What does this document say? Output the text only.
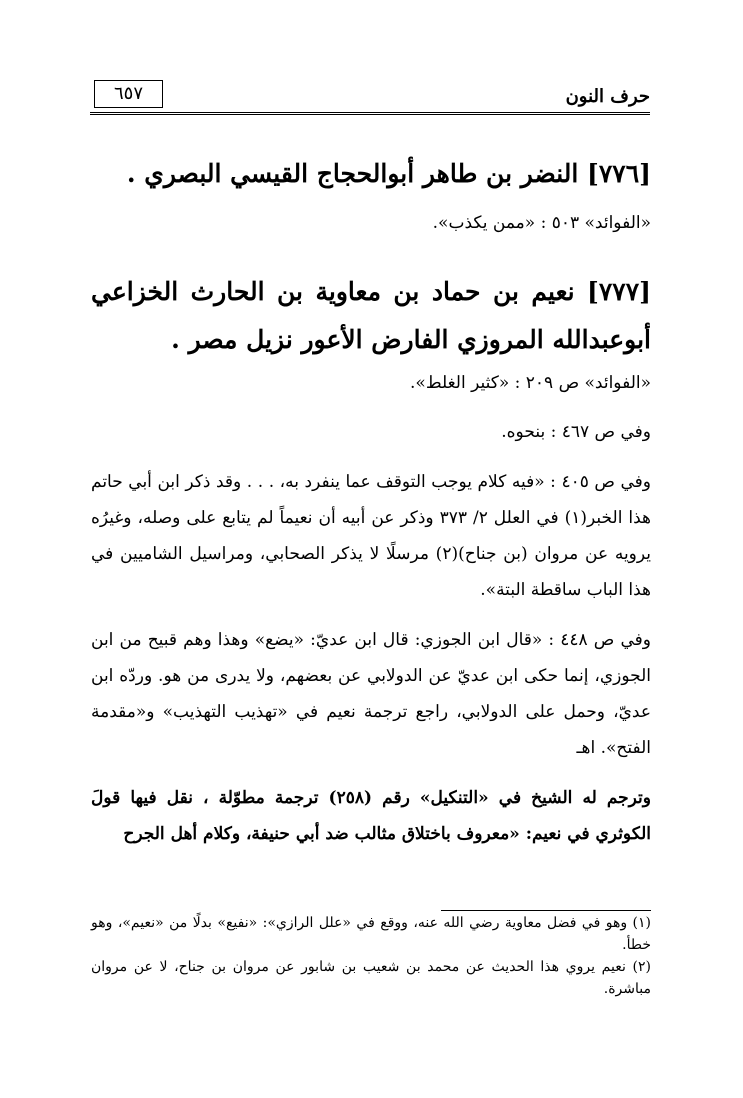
حرف النون
٦٥٧
[٧٧٦] النضر بن طاهر أبوالحجاج القيسي البصري .
«الفوائد» ٥٠٣ : «ممن يكذب».
[٧٧٧] نعيم بن حماد بن معاوية بن الحارث الخزاعي أبوعبدالله المروزي الفارض الأعور نزيل مصر .
«الفوائد» ص ٢٠٩ : «كثير الغلط».
وفي ص ٤٦٧ : بنحوه.
وفي ص ٤٠٥ : «فيه كلام يوجب التوقف عما ينفرد به، . . . وقد ذكر ابن أبي حاتم هذا الخبر(١) في العلل ٢/ ٣٧٣ وذكر عن أبيه أن نعيماً لم يتابع على وصله، وغيرُه يرويه عن مروان (بن جناح)(٢) مرسلًا لا يذكر الصحابي، ومراسيل الشاميين في هذا الباب ساقطة البتة».
وفي ص ٤٤٨ : «قال ابن الجوزي: قال ابن عديّ: «يضع» وهذا وهم قبيح من ابن الجوزي، إنما حكى ابن عديّ عن الدولابي عن بعضهم، ولا يدرى من هو. وردّه ابن عديّ، وحمل على الدولابي، راجع ترجمة نعيم في «تهذيب التهذيب» و«مقدمة الفتح». اهـ
وترجم له الشيخ في «التنكيل» رقم (٢٥٨) ترجمة مطوّلة ، نقل فيها قولَ الكوثري في نعيم: «معروف باختلاق مثالب ضد أبي حنيفة، وكلام أهل الجرح

(١) وهو في فضل معاوية رضي الله عنه، ووقع في «علل الرازي»: «نفيع» بدلًا من «نعيم»، وهو خطأ.

(٢) نعيم يروي هذا الحديث عن محمد بن شعيب بن شابور عن مروان بن جناح، لا عن مروان مباشرة.
